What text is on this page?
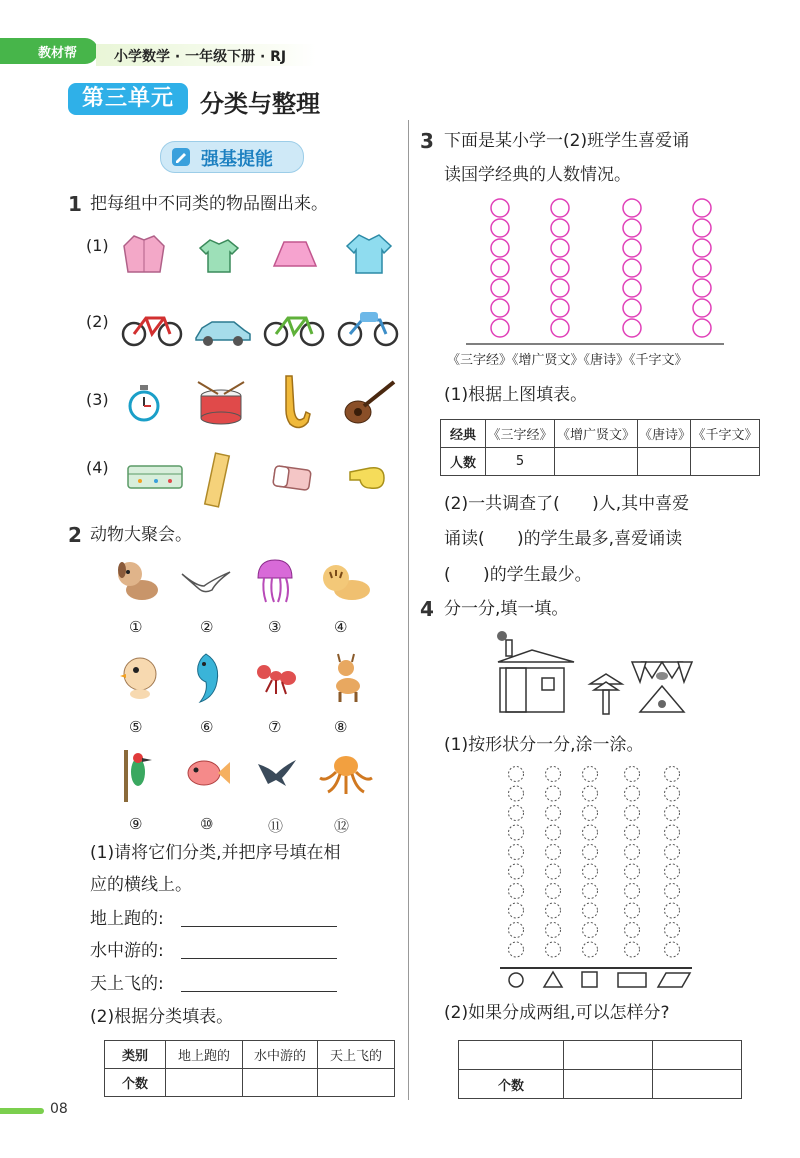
教材帮	小学数学 · 一年级下册 · RJ
第三单元	分类与整理
强基提能
1 把每组中不同类的物品圈出来。
(1)
(2)
(3)
(4)
2 动物大聚会。
①	②	③	④
⑤	⑥	⑦	⑧
⑨	⑩	⑪	⑫
(1)请将它们分类,并把序号填在相
应的横线上。
地上跑的:
水中游的:
天上飞的:
(2)根据分类填表。
类别	地上跑的	水中游的	天上飞的
个数			
3 下面是某小学一(2)班学生喜爱诵
读国学经典的人数情况。
《三字经》《增广贤文》《唐诗》《千字文》
(1)根据上图填表。
经典	《三字经》	《增广贤文》	《唐诗》	《千字文》
人数	5			
(2)一共调查了(      )人,其中喜爱
诵读(      )的学生最多,喜爱诵读
(      )的学生最少。
4 分一分,填一填。
(1)按形状分一分,涂一涂。
(2)如果分成两组,可以怎样分?

个数		
08
